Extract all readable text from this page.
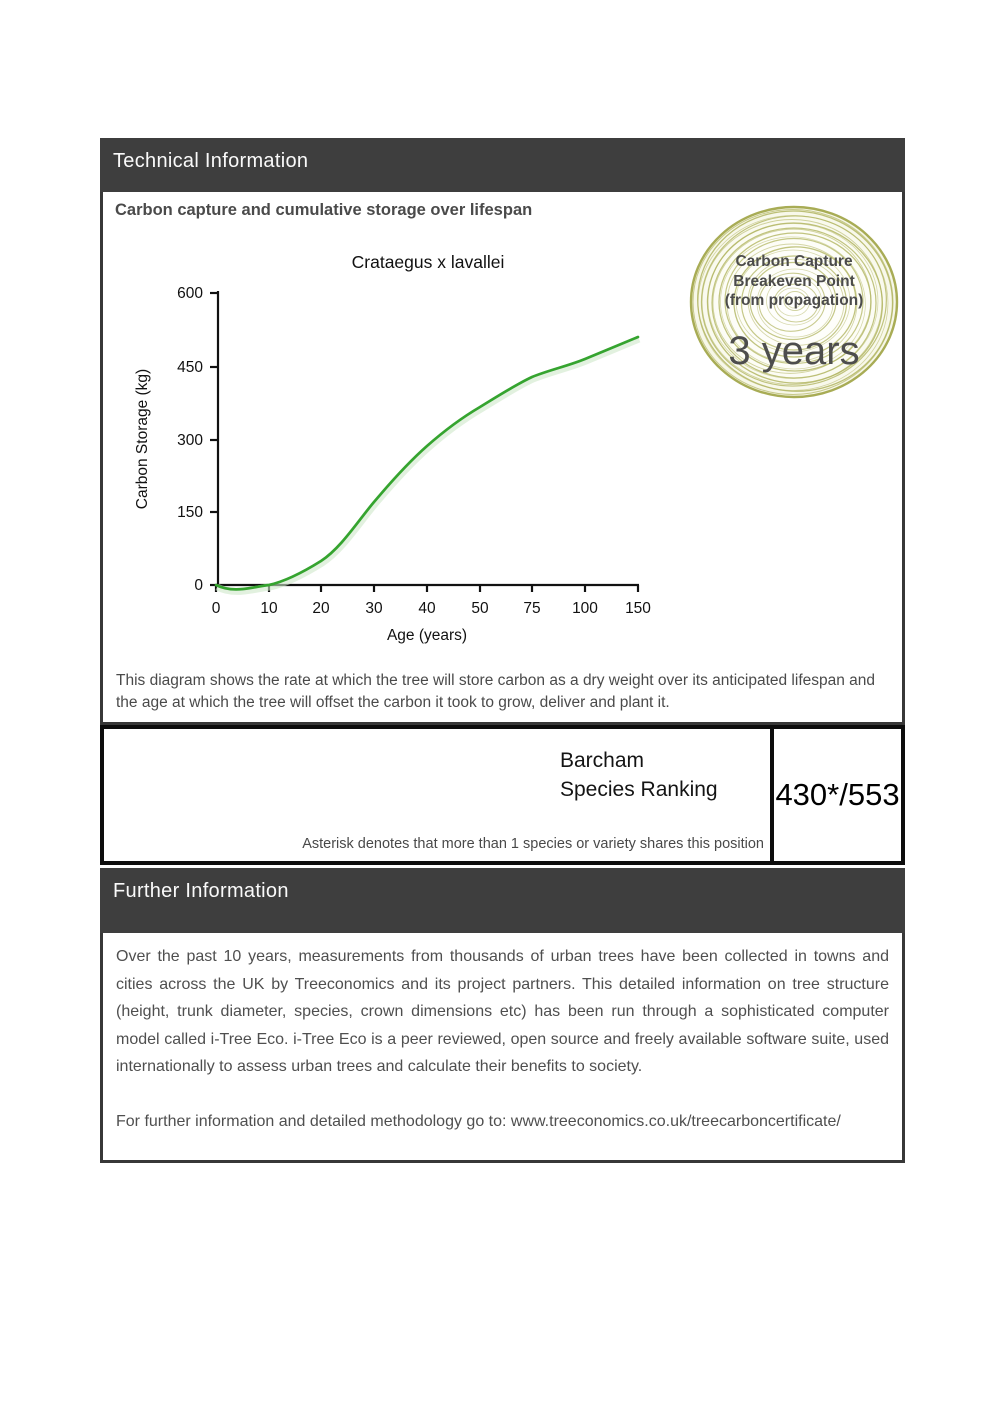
Technical Information
Carbon capture and cumulative storage over lifespan
Crataegus x lavallei
600
450
300
150
0
0	10 20 30 40 50 75 100 150
Carbon Storage (kg)
Age (years)
Carbon Capture
Breakeven Point
(from propagation)
3 years
This diagram shows the rate at which the tree will store carbon as a dry weight over its anticipated lifespan and the age at which the tree will offset the carbon it took to grow, deliver and plant it.
Barcham
Species Ranking
Asterisk denotes that more than 1 species or variety shares this position
430*/553
Further Information

Over the past 10 years, measurements from thousands of urban trees have been collected in towns and cities across the UK by Treeconomics and its project partners. This detailed information on tree structure (height, trunk diameter, species, crown dimensions etc) has been run through a sophisticated computer model called i-Tree Eco. i-Tree Eco is a peer reviewed, open source and freely available software suite, used internationally to assess urban trees and calculate their benefits to society.

For further information and detailed methodology go to: www.treeconomics.co.uk/treecarboncertificate/
